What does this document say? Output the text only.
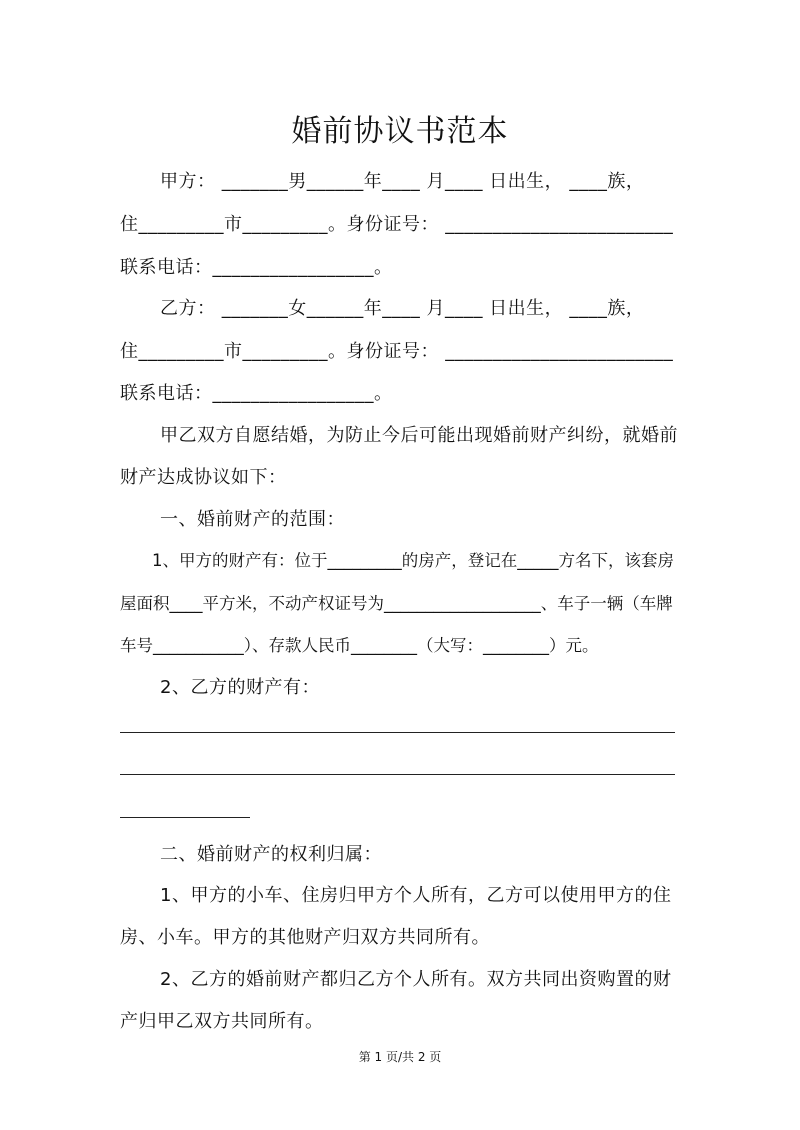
婚前协议书范本
甲方： _______男______年____ 月____ 日出生， ____族，
住_________市_________。身份证号： ________________________
联系电话：_________________。
乙方： _______女______年____ 月____ 日出生， ____族，
住_________市_________。身份证号： ________________________
联系电话：_________________。
甲乙双方自愿结婚，为防止今后可能出现婚前财产纠纷，就婚前
财产达成协议如下：
一、婚前财产的范围：
1、甲方的财产有：位于_________的房产，登记在_____方名下，该套房
屋面积____平方米，不动产权证号为___________________、车子一辆（车牌
车号___________）、存款人民币________（大写：________）元。
2、乙方的财产有：
二、婚前财产的权利归属：
1、甲方的小车、住房归甲方个人所有，乙方可以使用甲方的住
房、小车。甲方的其他财产归双方共同所有。
2、乙方的婚前财产都归乙方个人所有。双方共同出资购置的财
产归甲乙双方共同所有。
第 1 页/共 2 页
